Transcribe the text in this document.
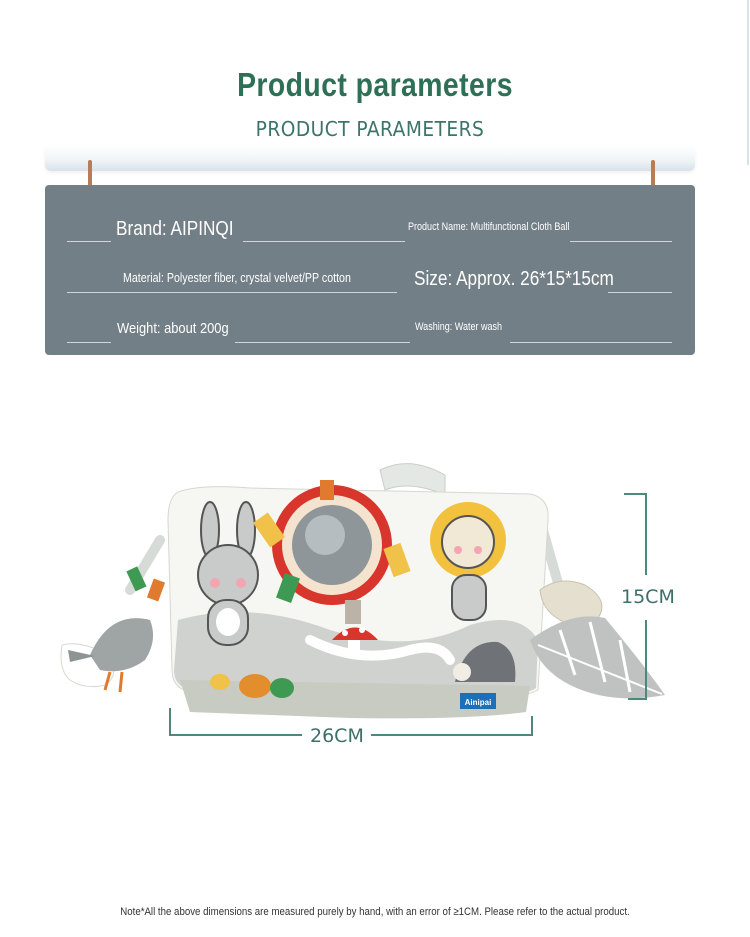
Product parameters
PRODUCT PARAMETERS
Brand: AIPINQI	Product Name: Multifunctional Cloth Ball
Material: Polyester fiber, crystal velvet/PP cotton	Size: Approx. 26*15*15cm
Weight: about 200g	Washing: Water wash
Ainipai
26CM
15CM
Note*All the above dimensions are measured purely by hand, with an error of ≥1CM. Please refer to the actual product.
